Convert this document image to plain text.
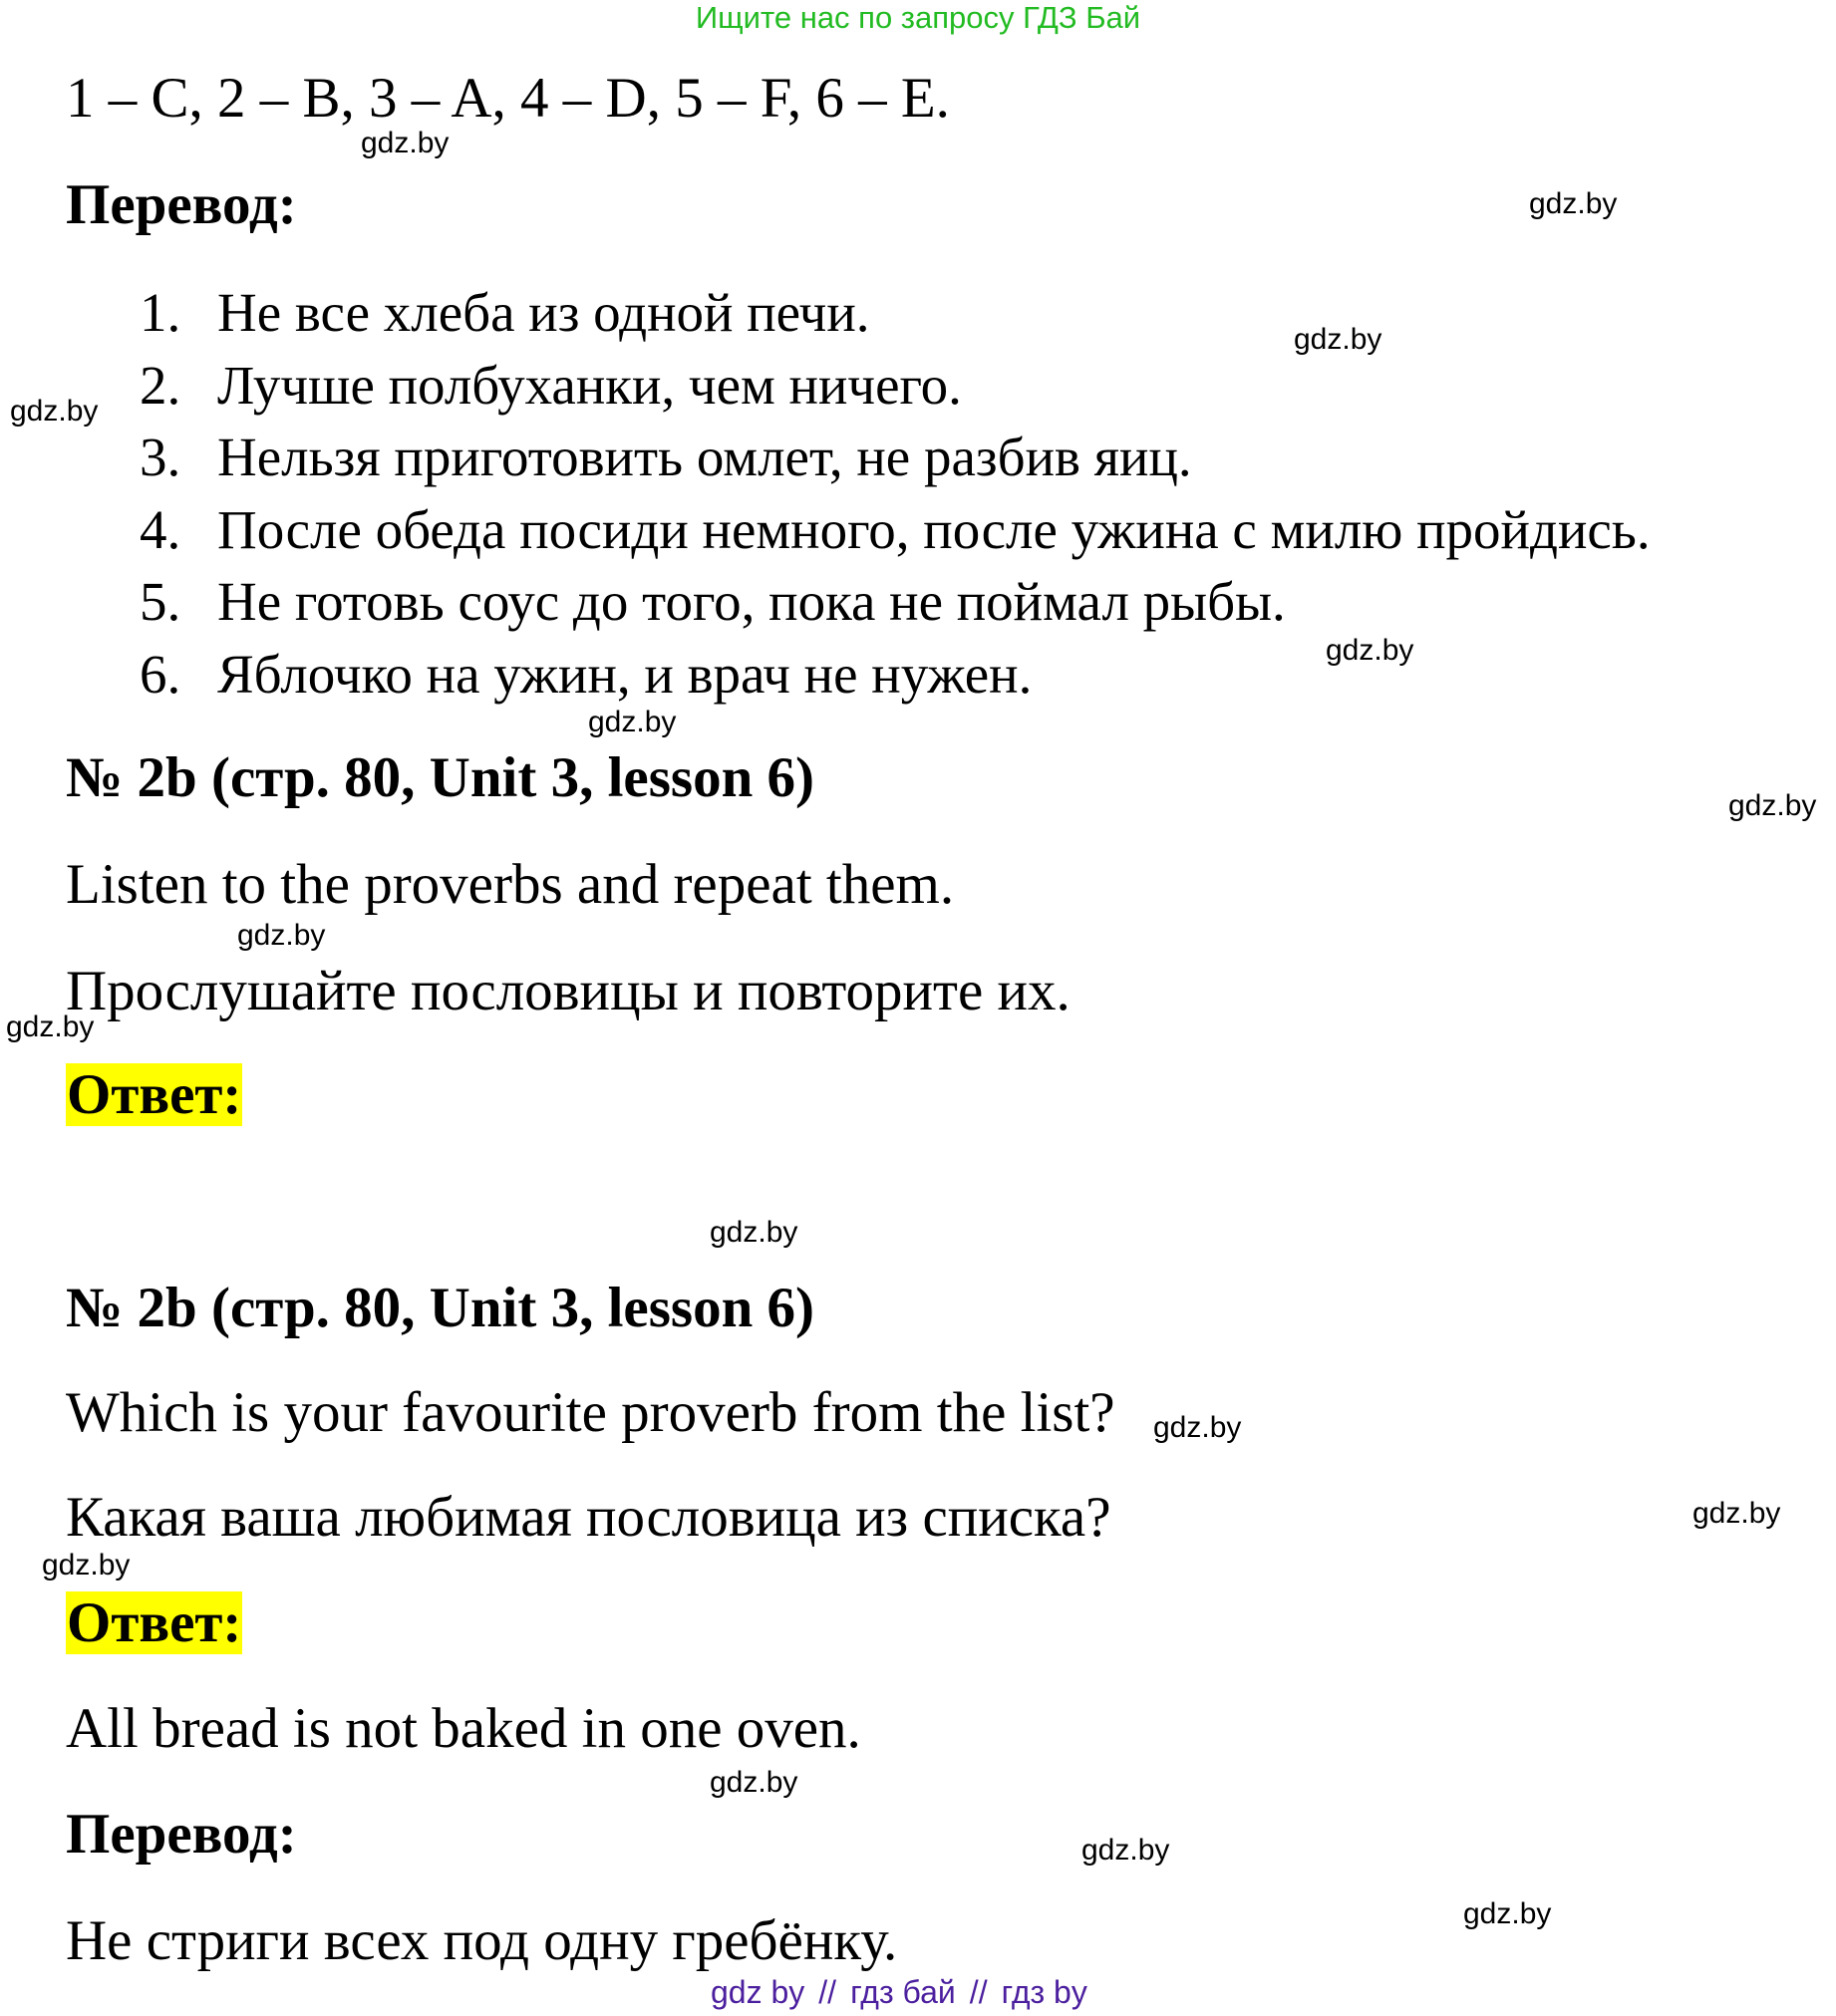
Ищите нас по запросу ГДЗ Бай
1 – C, 2 – B, 3 – A, 4 – D, 5 – F, 6 – E.
Перевод:
1. Не все хлеба из одной печи.
2. Лучше полбуханки, чем ничего.
3. Нельзя приготовить омлет, не разбив яиц.
4. После обеда посиди немного, после ужина с милю пройдись.
5. Не готовь соус до того, пока не поймал рыбы.
6. Яблочко на ужин, и врач не нужен.
№ 2b (стр. 80, Unit 3, lesson 6)
Listen to the proverbs and repeat them.
Прослушайте пословицы и повторите их.
Ответ:
№ 2b (стр. 80, Unit 3, lesson 6)
Which is your favourite proverb from the list?
Какая ваша любимая пословица из списка?
Ответ:
All bread is not baked in one oven.
Перевод:
Не стриги всех под одну гребёнку.
gdz.by
gdz.by
gdz.by
gdz.by
gdz.by
gdz.by
gdz.by
gdz.by
gdz.by
gdz.by
gdz.by
gdz.by
gdz.by
gdz.by
gdz.by
gdz.by
gdz by // гдз бай // гдз by
